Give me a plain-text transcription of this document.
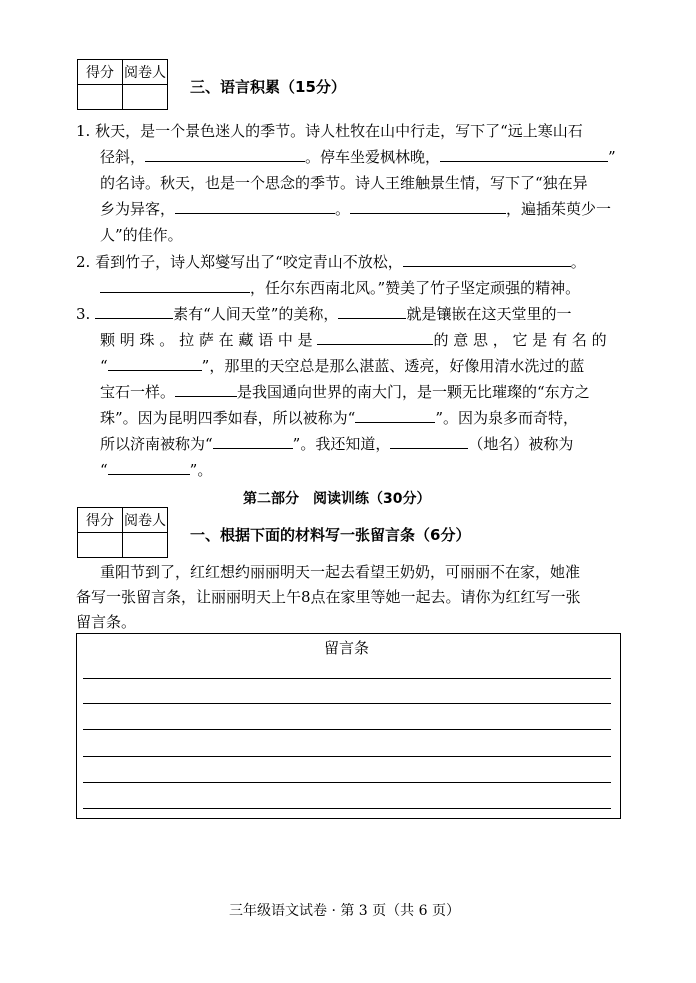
得分	阅卷人

三、语言积累（15分）
1. 秋天，是一个景色迷人的季节。诗人杜牧在山中行走，写下了“远上寒山石
径斜，	。停车坐爱枫林晚，	”
的名诗。秋天，也是一个思念的季节。诗人王维触景生情，写下了“独在异
乡为异客，	。	，遍插茱萸少一
人”的佳作。
2. 看到竹子，诗人郑燮写出了“咬定青山不放松，	。
，任尔东西南北风。”赞美了竹子坚定顽强的精神。
3.	素有“人间天堂”的美称，	就是镶嵌在这天堂里的一
颗 明 珠 。 拉 萨 在 藏 语 中 是	的 意 思 ， 它 是 有 名 的
“	”，那里的天空总是那么湛蓝、透亮，好像用清水洗过的蓝
宝石一样。	是我国通向世界的南大门，是一颗无比璀璨的“东方之
珠”。因为昆明四季如春，所以被称为“	”。因为泉多而奇特，
所以济南被称为“	”。我还知道，	（地名）被称为
“	”。
第二部分　阅读训练（30分）
得分	阅卷人

一、根据下面的材料写一张留言条（6分）
重阳节到了，红红想约丽丽明天一起去看望王奶奶，可丽丽不在家，她准
备写一张留言条，让丽丽明天上午8点在家里等她一起去。请你为红红写一张
留言条。
留言条
三年级语文试卷 · 第 3 页（共 6 页）
